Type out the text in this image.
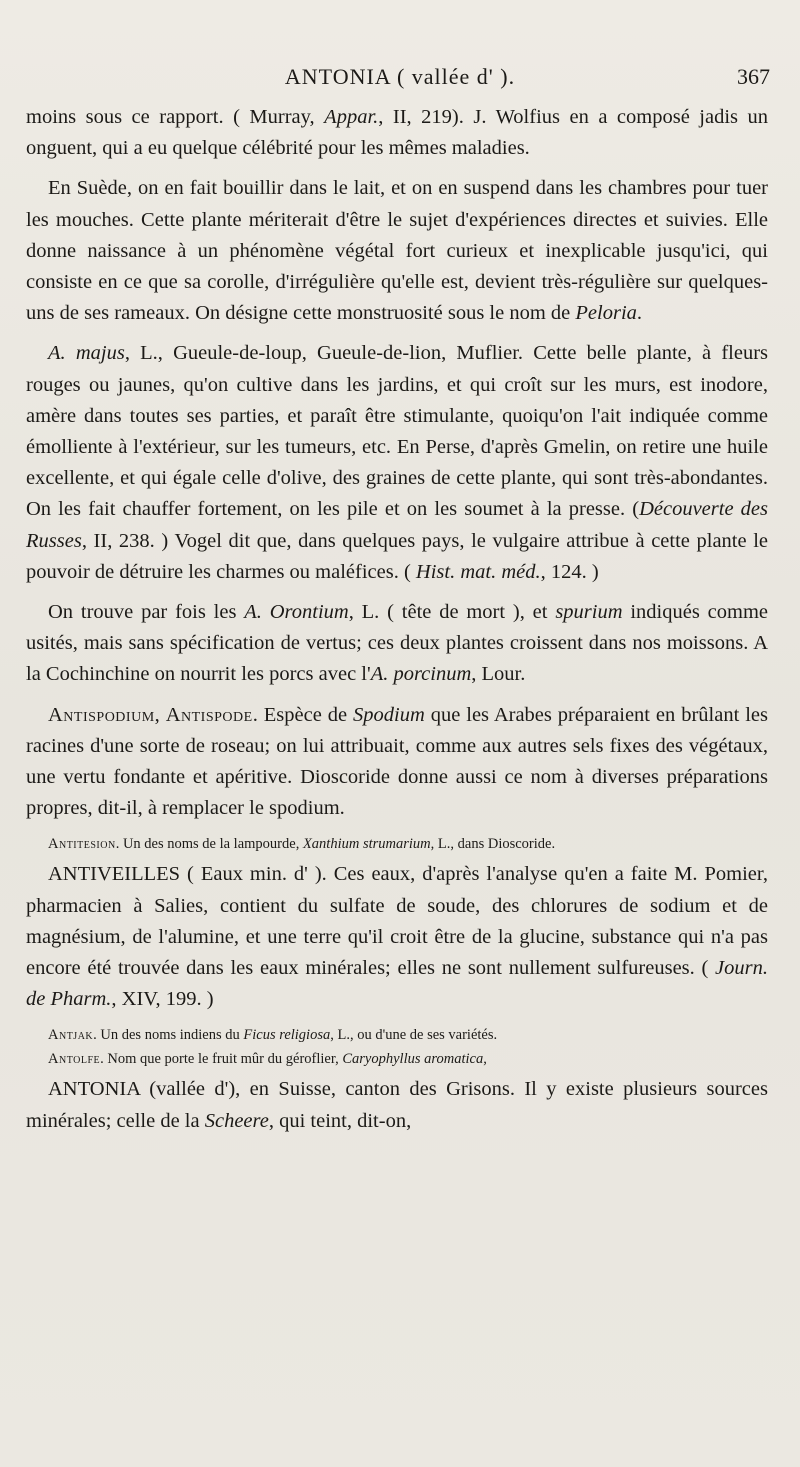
ANTONIA ( vallée d' ).	367

moins sous ce rapport. ( Murray, Appar., II, 219). J. Wolfius en a composé jadis un onguent, qui a eu quelque célébrité pour les mêmes maladies.

En Suède, on en fait bouillir dans le lait, et on en suspend dans les chambres pour tuer les mouches. Cette plante mériterait d'être le sujet d'expériences directes et suivies. Elle donne naissance à un phénomène végétal fort curieux et inexplicable jusqu'ici, qui consiste en ce que sa corolle, d'irrégulière qu'elle est, devient très-régulière sur quelques-uns de ses rameaux. On désigne cette monstruosité sous le nom de Peloria.

A. majus, L., Gueule-de-loup, Gueule-de-lion, Muflier. Cette belle plante, à fleurs rouges ou jaunes, qu'on cultive dans les jardins, et qui croît sur les murs, est inodore, amère dans toutes ses parties, et paraît être stimulante, quoiqu'on l'ait indiquée comme émolliente à l'extérieur, sur les tumeurs, etc. En Perse, d'après Gmelin, on retire une huile excellente, et qui égale celle d'olive, des graines de cette plante, qui sont très-abondantes. On les fait chauffer fortement, on les pile et on les soumet à la presse. (Découverte des Russes, II, 238. ) Vogel dit que, dans quelques pays, le vulgaire attribue à cette plante le pouvoir de détruire les charmes ou maléfices. ( Hist. mat. méd., 124. )

On trouve par fois les A. Orontium, L. ( tête de mort ), et spurium indiqués comme usités, mais sans spécification de vertus; ces deux plantes croissent dans nos moissons. A la Cochinchine on nourrit les porcs avec l'A. porcinum, Lour.

Antispodium, Antispode. Espèce de Spodium que les Arabes préparaient en brûlant les racines d'une sorte de roseau; on lui attribuait, comme aux autres sels fixes des végétaux, une vertu fondante et apéritive. Dioscoride donne aussi ce nom à diverses préparations propres, dit-il, à remplacer le spodium.

Antitesion. Un des noms de la lampourde, Xanthium strumarium, L., dans Dioscoride.

ANTIVEILLES ( Eaux min. d' ). Ces eaux, d'après l'analyse qu'en a faite M. Pomier, pharmacien à Salies, contient du sulfate de soude, des chlorures de sodium et de magnésium, de l'alumine, et une terre qu'il croit être de la glucine, substance qui n'a pas encore été trouvée dans les eaux minérales; elles ne sont nullement sulfureuses. ( Journ. de Pharm., XIV, 199. )

Antjak. Un des noms indiens du Ficus religiosa, L., ou d'une de ses variétés.

Antolfe. Nom que porte le fruit mûr du géroflier, Caryophyllus aromatica,

ANTONIA (vallée d'), en Suisse, canton des Grisons. Il y existe plusieurs sources minérales; celle de la Scheere, qui teint, dit-on,
